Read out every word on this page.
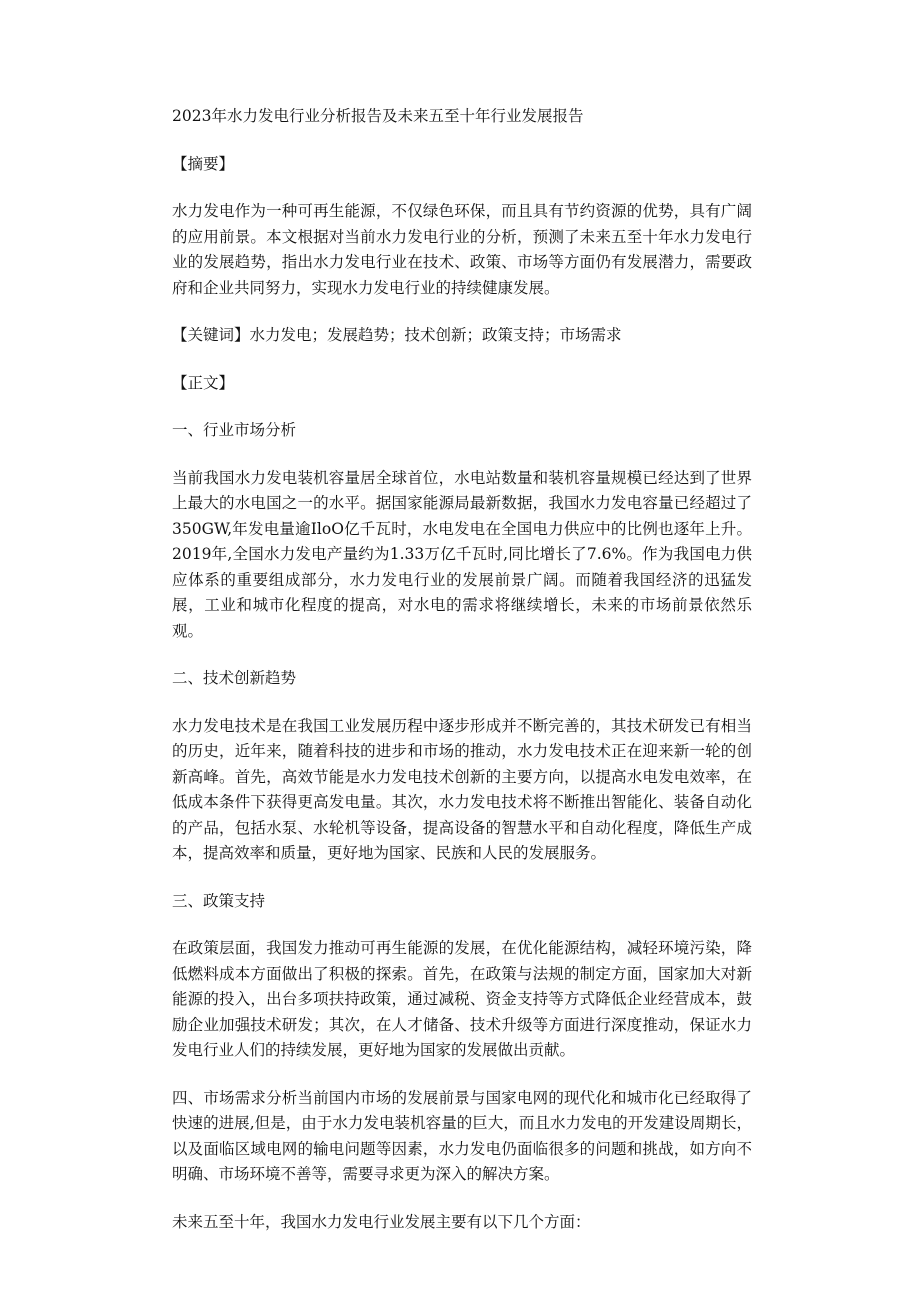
2023年水力发电行业分析报告及未来五至十年行业发展报告

【摘要】

水力发电作为一种可再生能源，不仅绿色环保，而且具有节约资源的优势，具有广阔的应用前景。本文根据对当前水力发电行业的分析，预测了未来五至十年水力发电行业的发展趋势，指出水力发电行业在技术、政策、市场等方面仍有发展潜力，需要政府和企业共同努力，实现水力发电行业的持续健康发展。

【关键词】水力发电；发展趋势；技术创新；政策支持；市场需求

【正文】

一、行业市场分析

当前我国水力发电装机容量居全球首位，水电站数量和装机容量规模已经达到了世界上最大的水电国之一的水平。据国家能源局最新数据，我国水力发电容量已经超过了350GW,年发电量逾IloO亿千瓦时，水电发电在全国电力供应中的比例也逐年上升。2019年,全国水力发电产量约为1.33万亿千瓦时,同比增长了7.6%。作为我国电力供应体系的重要组成部分，水力发电行业的发展前景广阔。而随着我国经济的迅猛发展，工业和城市化程度的提高，对水电的需求将继续增长，未来的市场前景依然乐观。

二、技术创新趋势

水力发电技术是在我国工业发展历程中逐步形成并不断完善的，其技术研发已有相当的历史，近年来，随着科技的进步和市场的推动，水力发电技术正在迎来新一轮的创新高峰。首先，高效节能是水力发电技术创新的主要方向，以提高水电发电效率，在低成本条件下获得更高发电量。其次，水力发电技术将不断推出智能化、装备自动化的产品，包括水泵、水轮机等设备，提高设备的智慧水平和自动化程度，降低生产成本，提高效率和质量，更好地为国家、民族和人民的发展服务。

三、政策支持

在政策层面，我国发力推动可再生能源的发展，在优化能源结构，减轻环境污染，降低燃料成本方面做出了积极的探索。首先，在政策与法规的制定方面，国家加大对新能源的投入，出台多项扶持政策，通过减税、资金支持等方式降低企业经营成本，鼓励企业加强技术研发；其次，在人才储备、技术升级等方面进行深度推动，保证水力发电行业人们的持续发展，更好地为国家的发展做出贡献。

四、市场需求分析当前国内市场的发展前景与国家电网的现代化和城市化已经取得了快速的进展,但是，由于水力发电装机容量的巨大，而且水力发电的开发建设周期长，以及面临区域电网的输电问题等因素，水力发电仍面临很多的问题和挑战，如方向不明确、市场环境不善等，需要寻求更为深入的解决方案。

未来五至十年，我国水力发电行业发展主要有以下几个方面：
